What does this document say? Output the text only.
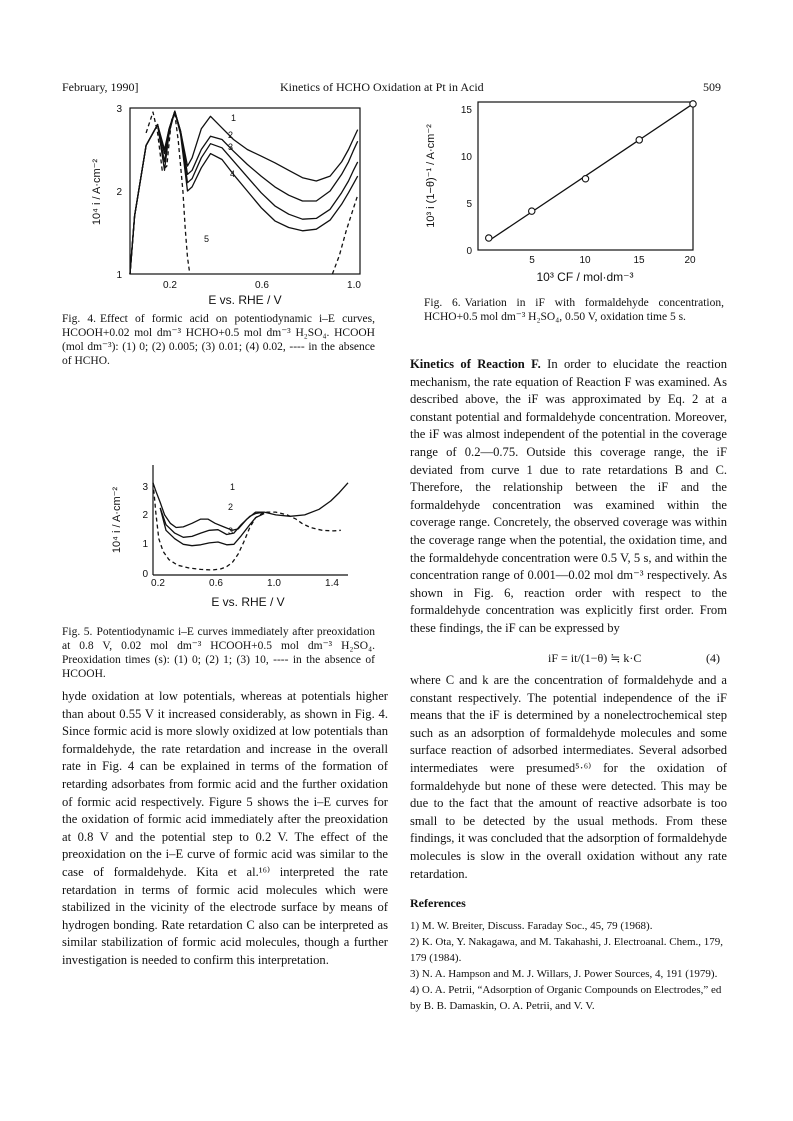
February, 1990]	Kinetics of HCHO Oxidation at Pt in Acid	509
3
2
1
0.2	0.6	1.0
E vs. RHE / V
10⁴ i / A·cm⁻²
1
2
3
4
5
Fig. 4. Effect of formic acid on potentiodynamic i–E curves, HCOOH+0.02 mol dm⁻³ HCHO+0.5 mol dm⁻³ H₂SO₄. HCOOH (mol dm⁻³): (1) 0; (2) 0.005; (3) 0.01; (4) 0.02, ---- in the absence of HCHO.
3
2
1
0
0.2	0.6	1.0	1.4
E vs. RHE / V
10⁴ i / A·cm⁻²	1
2
3
Fig. 5. Potentiodynamic i–E curves immediately after preoxidation at 0.8 V, 0.02 mol dm⁻³ HCOOH+0.5 mol dm⁻³ H₂SO₄. Preoxidation times (s): (1) 0; (2) 1; (3) 10, ---- in the absence of HCOOH.

hyde oxidation at low potentials, whereas at potentials higher than about 0.55 V it increased considerably, as shown in Fig. 4. Since formic acid is more slowly oxidized at low potentials than formaldehyde, the rate retardation and increase in the overall rate in Fig. 4 can be explained in terms of the formation of retarding adsorbates from formic acid and the further oxidation of formic acid respectively. Figure 5 shows the i–E curves for the oxidation of formic acid immediately after the preoxidation at 0.8 V and the potential step to 0.2 V. The effect of the preoxidation on the i–E curve of formic acid was similar to the case of formaldehyde. Kita et al.¹⁶⁾ interpreted the rate retardation in terms of formic acid molecules which were stabilized in the vicinity of the electrode surface by means of hydrogen bonding. Rate retardation C also can be interpreted as similar stabilization of formic acid molecules, though a further investigation is needed to confirm this interpretation.

15
10
5
0
5	10	15	20
10³ CF / mol·dm⁻³
10³ i (1−θ)⁻¹ / A·cm⁻²
Fig. 6. Variation in iF with formaldehyde concentration, HCHO+0.5 mol dm⁻³ H₂SO₄, 0.50 V, oxidation time 5 s.

Kinetics of Reaction F. In order to elucidate the reaction mechanism, the rate equation of Reaction F was examined. As described above, the iF was approximated by Eq. 2 at a constant potential and formaldehyde concentration. Moreover, the iF was almost independent of the potential in the coverage range of 0.2—0.75. Outside this coverage range, the iF deviated from curve 1 due to rate retardations B and C. Therefore, the relationship between the iF and the formaldehyde concentration was examined within the coverage range. Concretely, the observed coverage was within the coverage range when the potential, the oxidation time, and the formaldehyde concentration were 0.5 V, 5 s, and within the concentration range of 0.001—0.02 mol dm⁻³ respectively. As shown in Fig. 6, reaction order with respect to the formaldehyde concentration was explicitly first order. From these findings, the iF can be expressed by

iF = it/(1−θ) ≒ k·C	(4)

where C and k are the concentration of formaldehyde and a constant respectively. The potential independence of the iF means that the iF is determined by a nonelectrochemical step such as an adsorption of formaldehyde molecules and some surface reaction of adsorbed intermediates. Several adsorbed intermediates were presumed⁵·⁶⁾ for the oxidation of formaldehyde but none of these were detected. This may be due to the fact that the amount of reactive adsorbate is too small to be detected by the usual methods. From these findings, it was concluded that the adsorption of formaldehyde molecules is slow in the overall oxidation without any rate retardation.

References
1) M. W. Breiter, Discuss. Faraday Soc., 45, 79 (1968).
2) K. Ota, Y. Nakagawa, and M. Takahashi, J. Electroanal. Chem., 179, 179 (1984).
3) N. A. Hampson and M. J. Willars, J. Power Sources, 4, 191 (1979).
4) O. A. Petrii, “Adsorption of Organic Compounds on Electrodes,” ed by B. B. Damaskin, O. A. Petrii, and V. V.
